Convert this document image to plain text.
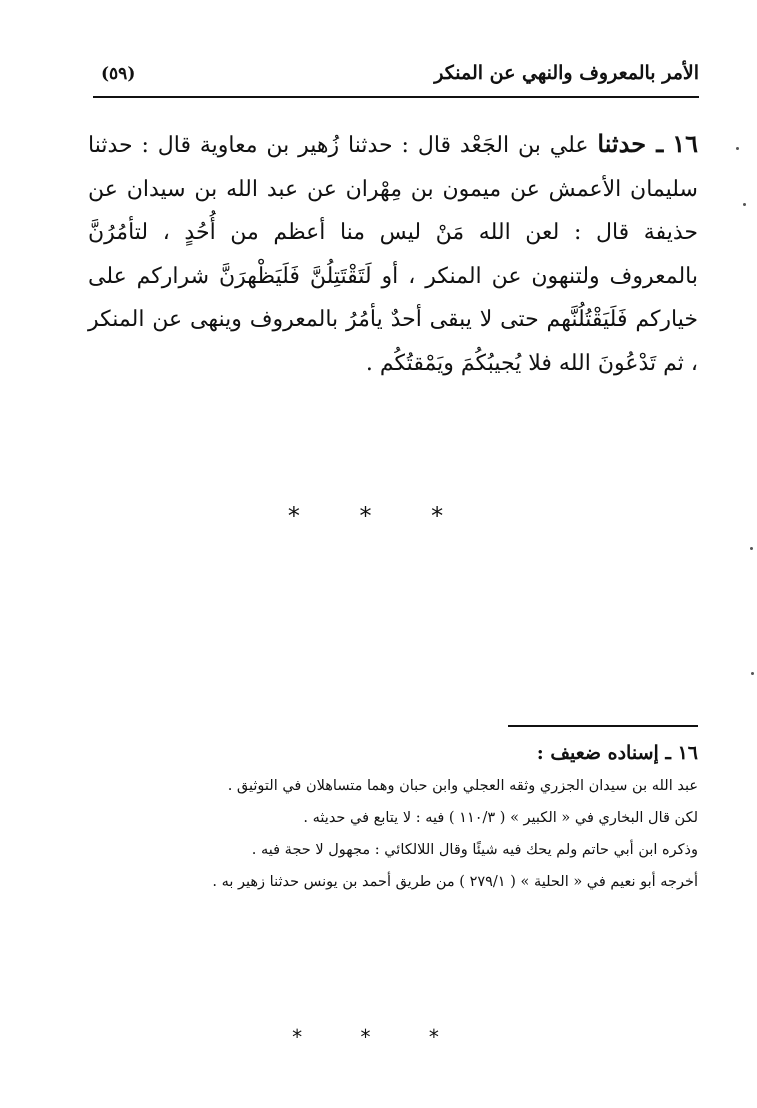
الأمر بالمعروف والنهي عن المنكر
(٥٩)
١٦ ـ حدثنا علي بن الجَعْد قال : حدثنا زُهير بن معاوية قال : حدثنا سليمان الأعمش عن ميمون بن مِهْران عن عبد الله بن سيدان عن حذيفة قال : لعن الله مَنْ ليس منا أعظم من أُحُدٍ ، لتأمُرُنَّ بالمعروف ولتنهون عن المنكر ، أو لَتَقْتَتِلُنَّ فَلَيَظْهرَنَّ شراركم على خياركم فَلَيَقْتُلُنَّهم حتى لا يبقى أحدٌ يأمُرُ بالمعروف وينهى عن المنكر ، ثم تَدْعُونَ الله فلا يُجيبُكُمَ ويَمْقتُكُم .
* * *
١٦ ـ إسناده ضعيف :
عبد الله بن سيدان الجزري وثقه العجلي وابن حبان وهما متساهلان في التوثيق .
لكن قال البخاري في « الكبير » ( ١١٠/٣ ) فيه : لا يتابع في حديثه .
وذكره ابن أبي حاتم ولم يحك فيه شيئًا وقال اللالكائي : مجهول لا حجة فيه .
أخرجه أبو نعيم في « الحلية » ( ٢٧٩/١ ) من طريق أحمد بن يونس حدثنا زهير به .
* * *
